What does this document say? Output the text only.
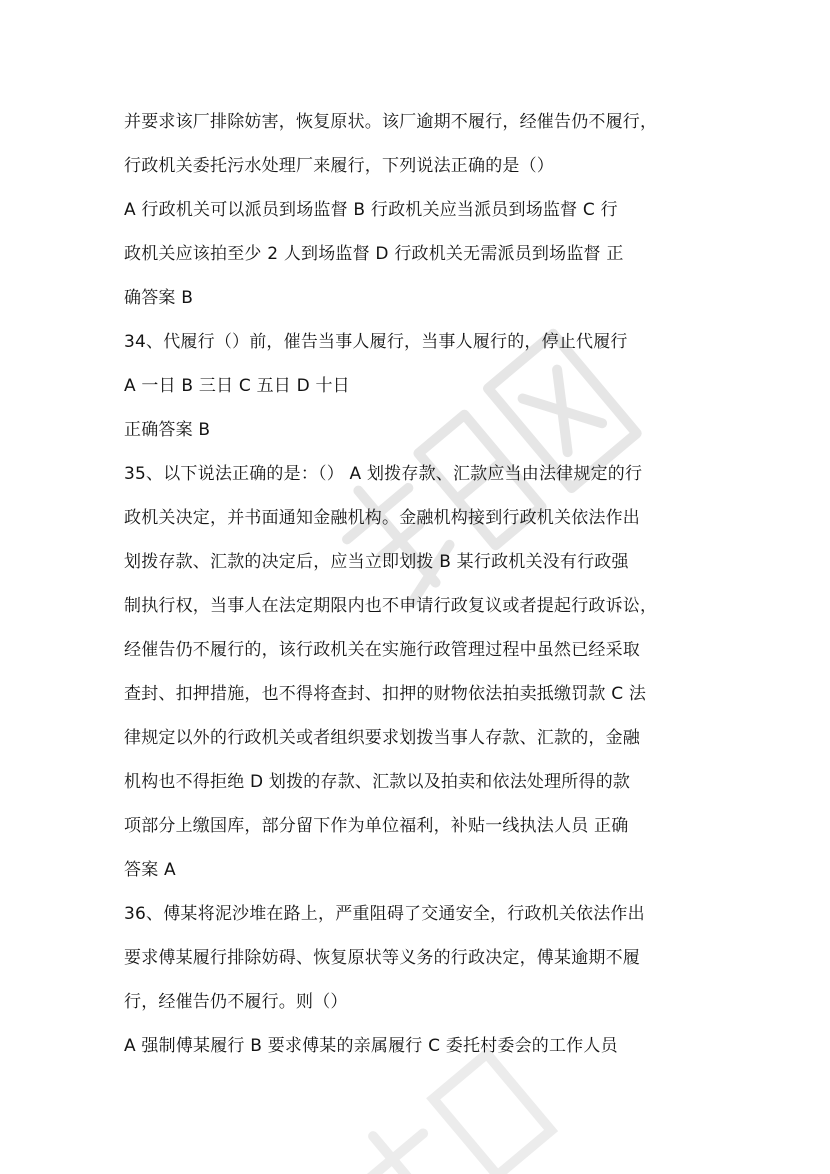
并要求该厂排除妨害，恢复原状。该厂逾期不履行，经催告仍不履行，
行政机关委托污水处理厂来履行，下列说法正确的是（）
A 行政机关可以派员到场监督 B 行政机关应当派员到场监督 C 行
政机关应该拍至少 2 人到场监督 D 行政机关无需派员到场监督 正
确答案 B
34、代履行（）前，催告当事人履行，当事人履行的，停止代履行
A 一日 B 三日 C 五日 D 十日
正确答案 B
35、以下说法正确的是：（） A 划拨存款、汇款应当由法律规定的行
政机关决定，并书面通知金融机构。金融机构接到行政机关依法作出
划拨存款、汇款的决定后，应当立即划拨 B 某行政机关没有行政强
制执行权，当事人在法定期限内也不申请行政复议或者提起行政诉讼，
经催告仍不履行的，该行政机关在实施行政管理过程中虽然已经采取
查封、扣押措施，也不得将查封、扣押的财物依法拍卖抵缴罚款 C 法
律规定以外的行政机关或者组织要求划拨当事人存款、汇款的，金融
机构也不得拒绝 D 划拨的存款、汇款以及拍卖和依法处理所得的款
项部分上缴国库，部分留下作为单位福利，补贴一线执法人员 正确
答案 A
36、傅某将泥沙堆在路上，严重阻碍了交通安全，行政机关依法作出
要求傅某履行排除妨碍、恢复原状等义务的行政决定，傅某逾期不履
行，经催告仍不履行。则（）
A 强制傅某履行 B 要求傅某的亲属履行 C 委托村委会的工作人员
